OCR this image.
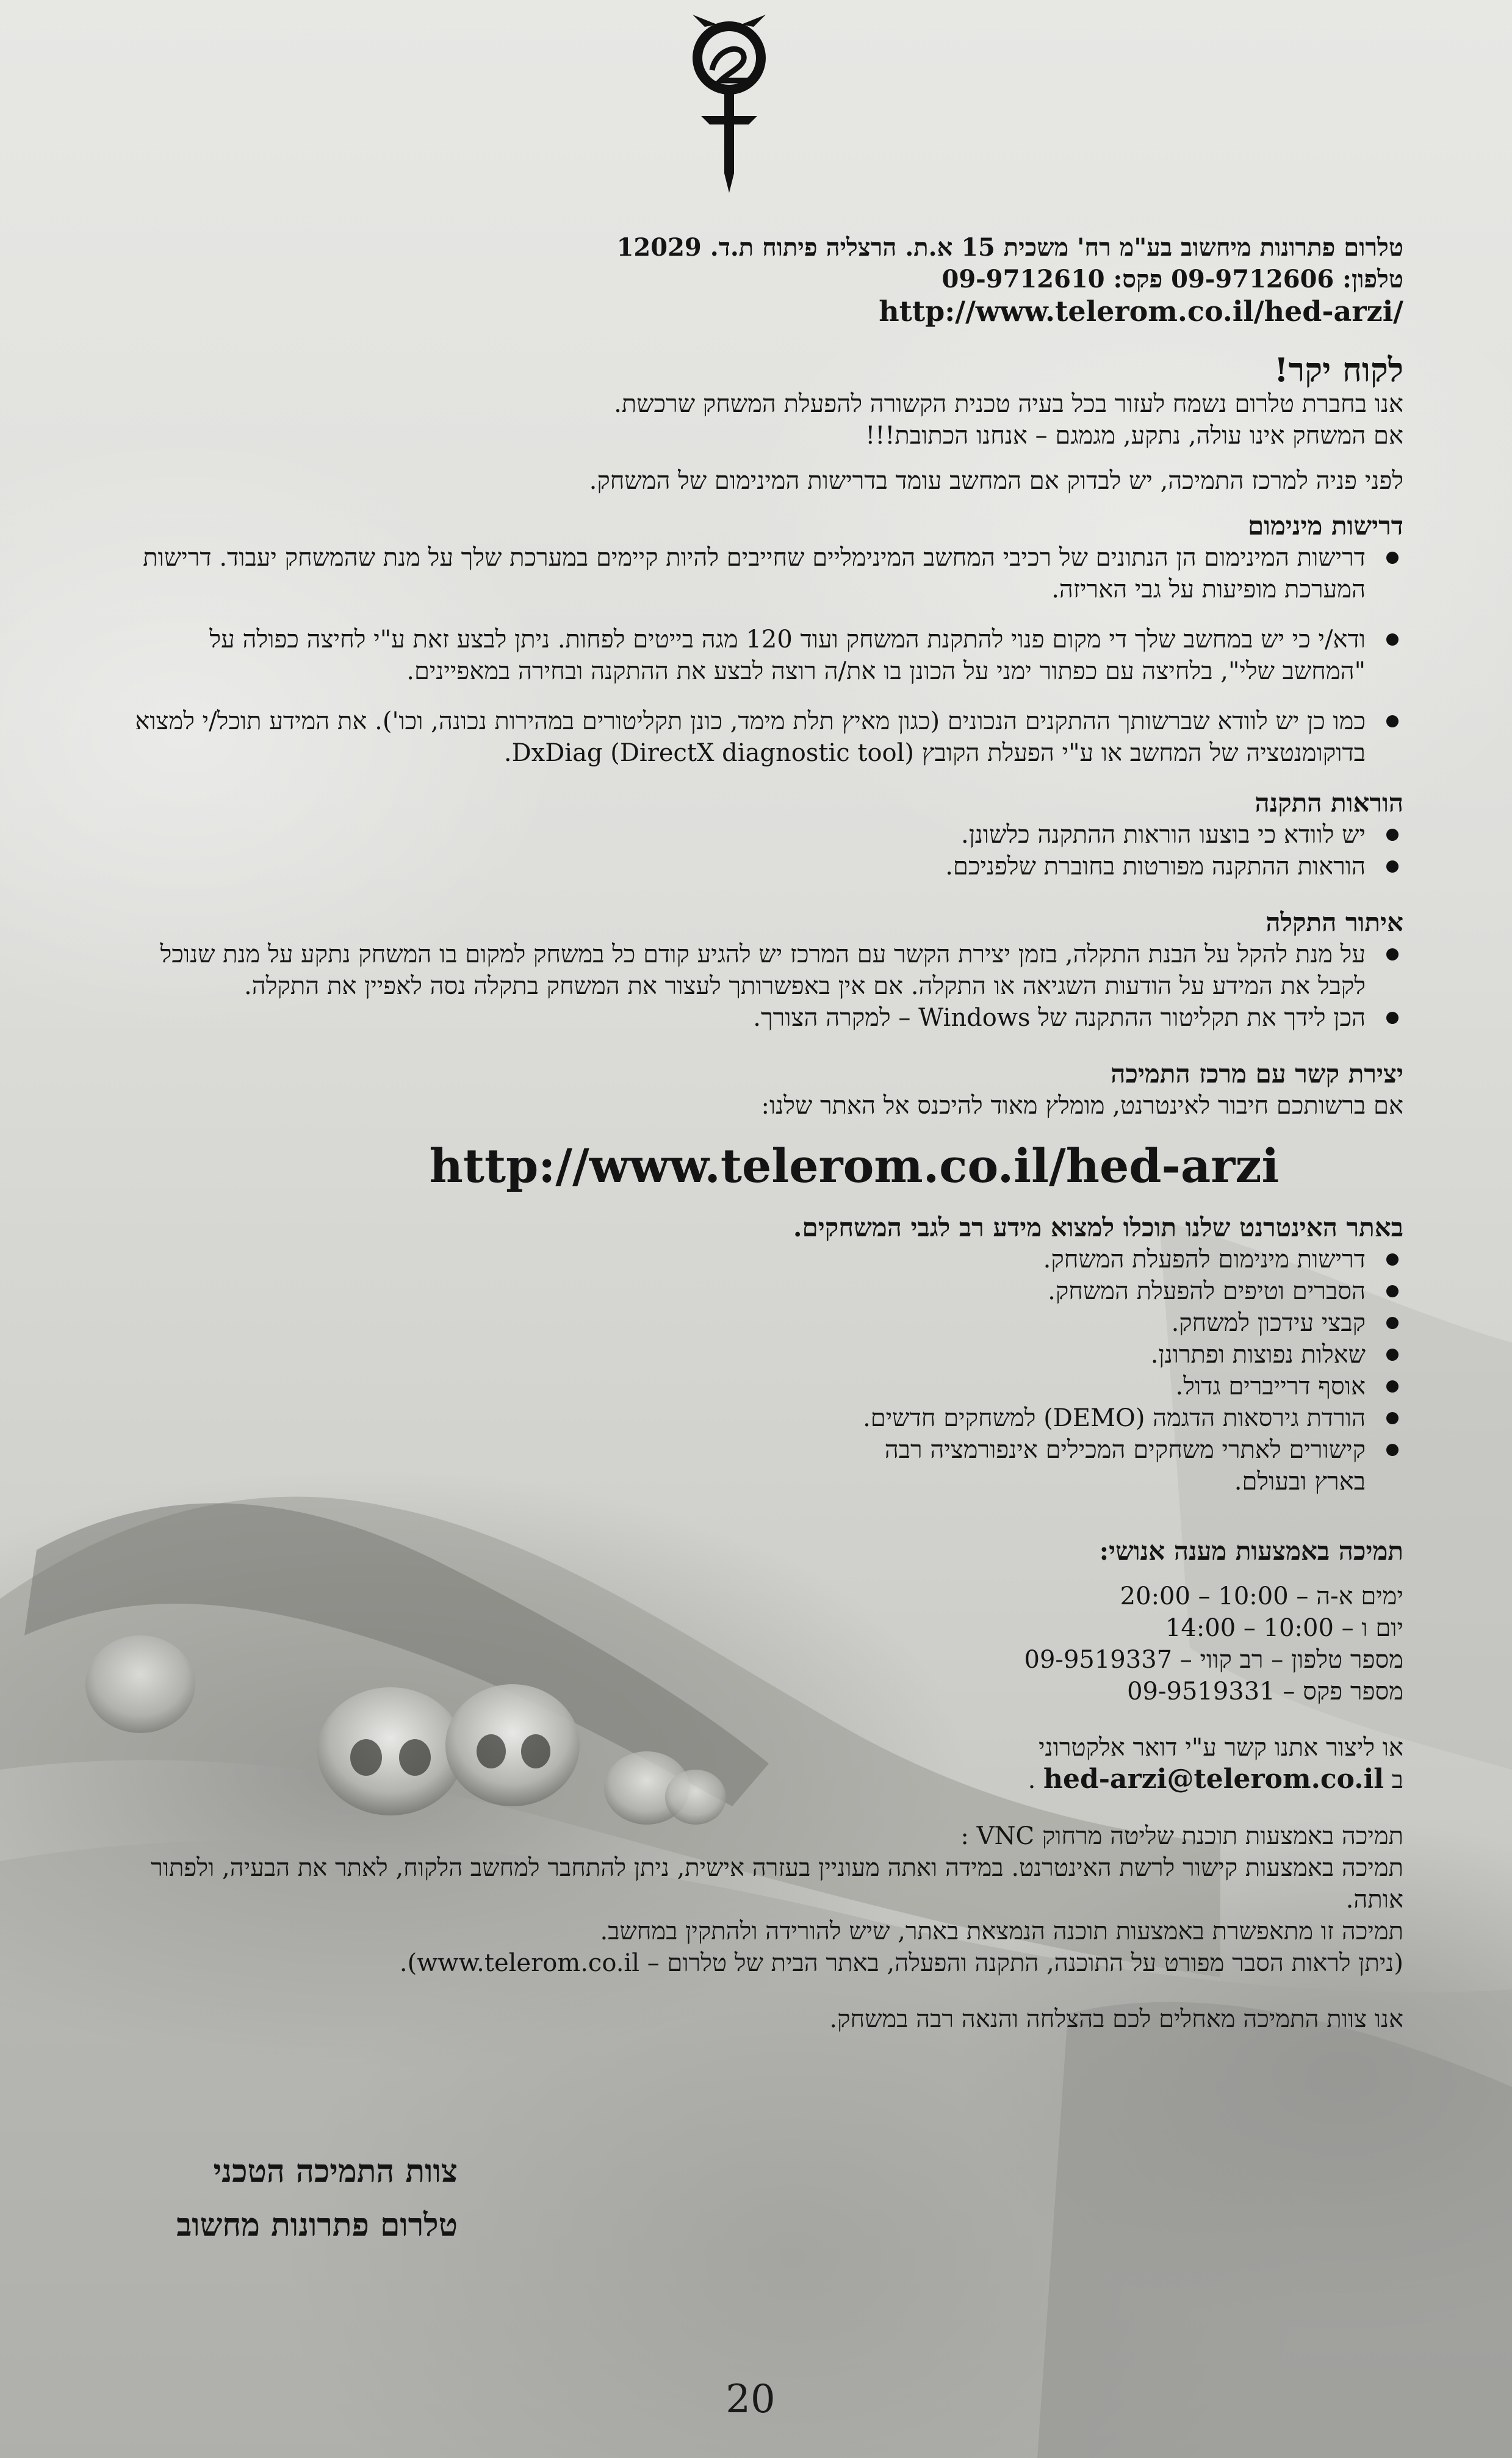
טלרום פתרונות מיחשוב בע"מ רח' משכית 15 א.ת. הרצליה פיתוח ת.ד. 12029

טלפון: 09-9712606 פקס: 09-9712610

http://www.telerom.co.il/hed-arzi/

לקוח יקר!

אנו בחברת טלרום נשמח לעזור בכל בעיה טכנית הקשורה להפעלת המשחק שרכשת.

אם המשחק אינו עולה, נתקע, מגמגם – אנחנו הכתובת!!!

לפני פניה למרכז התמיכה, יש לבדוק אם המחשב עומד בדרישות המינימום של המשחק.

דרישות מינימום

דרישות המינימום הן הנתונים של רכיבי המחשב המינימליים שחייבים להיות קיימים במערכת שלך על מנת שהמשחק יעבוד. דרישות המערכת מופיעות על גבי האריזה.
ודא/י כי יש במחשב שלך די מקום פנוי להתקנת המשחק ועוד 120 מגה בייטים לפחות. ניתן לבצע זאת ע"י לחיצה כפולה על "המחשב שלי", בלחיצה עם כפתור ימני על הכונן בו את/ה רוצה לבצע את ההתקנה ובחירה במאפיינים.
כמו כן יש לוודא שברשותך ההתקנים הנכונים (כגון מאיץ תלת מימד, כונן תקליטורים במהירות נכונה, וכו'). את המידע תוכל/י למצוא בדוקומנטציה של המחשב או ע"י הפעלת הקובץ DxDiag (DirectX diagnostic tool).

הוראות התקנה

יש לוודא כי בוצעו הוראות ההתקנה כלשונן.
הוראות ההתקנה מפורטות בחוברת שלפניכם.

איתור התקלה

על מנת להקל על הבנת התקלה, בזמן יצירת הקשר עם המרכז יש להגיע קודם כל במשחק למקום בו המשחק נתקע על מנת שנוכל לקבל את המידע על הודעות השגיאה או התקלה. אם אין באפשרותך לעצור את המשחק בתקלה נסה לאפיין את התקלה.
הכן לידך את תקליטור ההתקנה של Windows – למקרה הצורך.

יצירת קשר עם מרכז התמיכה

אם ברשותכם חיבור לאינטרנט, מומלץ מאוד להיכנס אל האתר שלנו:

http://www.telerom.co.il/hed-arzi

באתר האינטרנט שלנו תוכלו למצוא מידע רב לגבי המשחקים.

דרישות מינימום להפעלת המשחק.
הסברים וטיפים להפעלת המשחק.
קבצי עידכון למשחק.
שאלות נפוצות ופתרונן.
אוסף דרייברים גדול.
הורדת גירסאות הדגמה (DEMO) למשחקים חדשים.
קישורים לאתרי משחקים המכילים אינפורמציה רבה בארץ ובעולם.

תמיכה באמצעות מענה אנושי:

ימים א-ה – 10:00 – 20:00
יום ו – 10:00 – 14:00
מספר טלפון – רב קווי – 09-9519337
מספר פקס – 09-9519331

או ליצור אתנו קשר ע"י דואר אלקטרוני

ב hed-arzi@telerom.co.il .

תמיכה באמצעות תוכנת שליטה מרחוק VNC :

תמיכה באמצעות קישור לרשת האינטרנט. במידה ואתה מעוניין בעזרה אישית, ניתן להתחבר למחשב הלקוח, לאתר את הבעיה, ולפתור אותה.

תמיכה זו מתאפשרת באמצעות תוכנה הנמצאת באתר, שיש להורידה ולהתקין במחשב.

(ניתן לראות הסבר מפורט על התוכנה, התקנה והפעלה, באתר הבית של טלרום – www.telerom.co.il).

אנו צוות התמיכה מאחלים לכם בהצלחה והנאה רבה במשחק.

צוות התמיכה הטכני
טלרום פתרונות מחשוב
20
